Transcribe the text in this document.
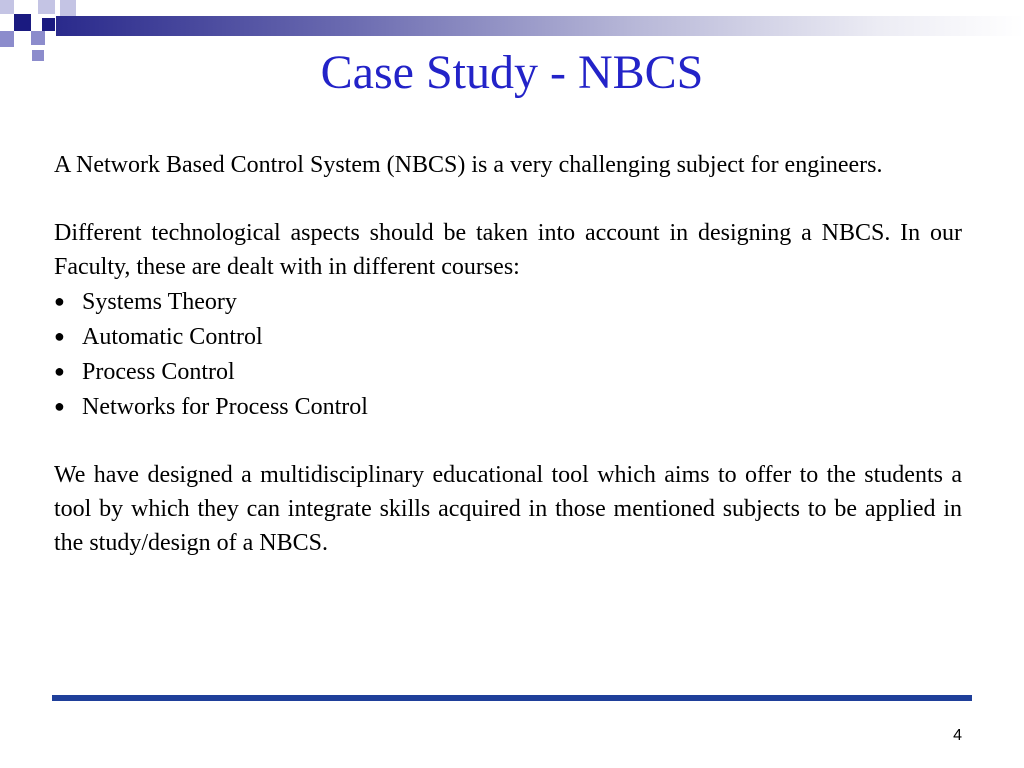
Case Study - NBCS

A Network Based Control System (NBCS) is a very challenging subject for engineers.

Different technological aspects should be taken into account in designing a NBCS. In our Faculty, these are dealt with in different courses:

● Systems Theory
● Automatic Control
● Process Control
● Networks for Process Control

We have designed a multidisciplinary educational tool which aims to offer to the students a tool by which they can integrate skills acquired in those mentioned subjects to be applied in the study/design of a NBCS.

4
